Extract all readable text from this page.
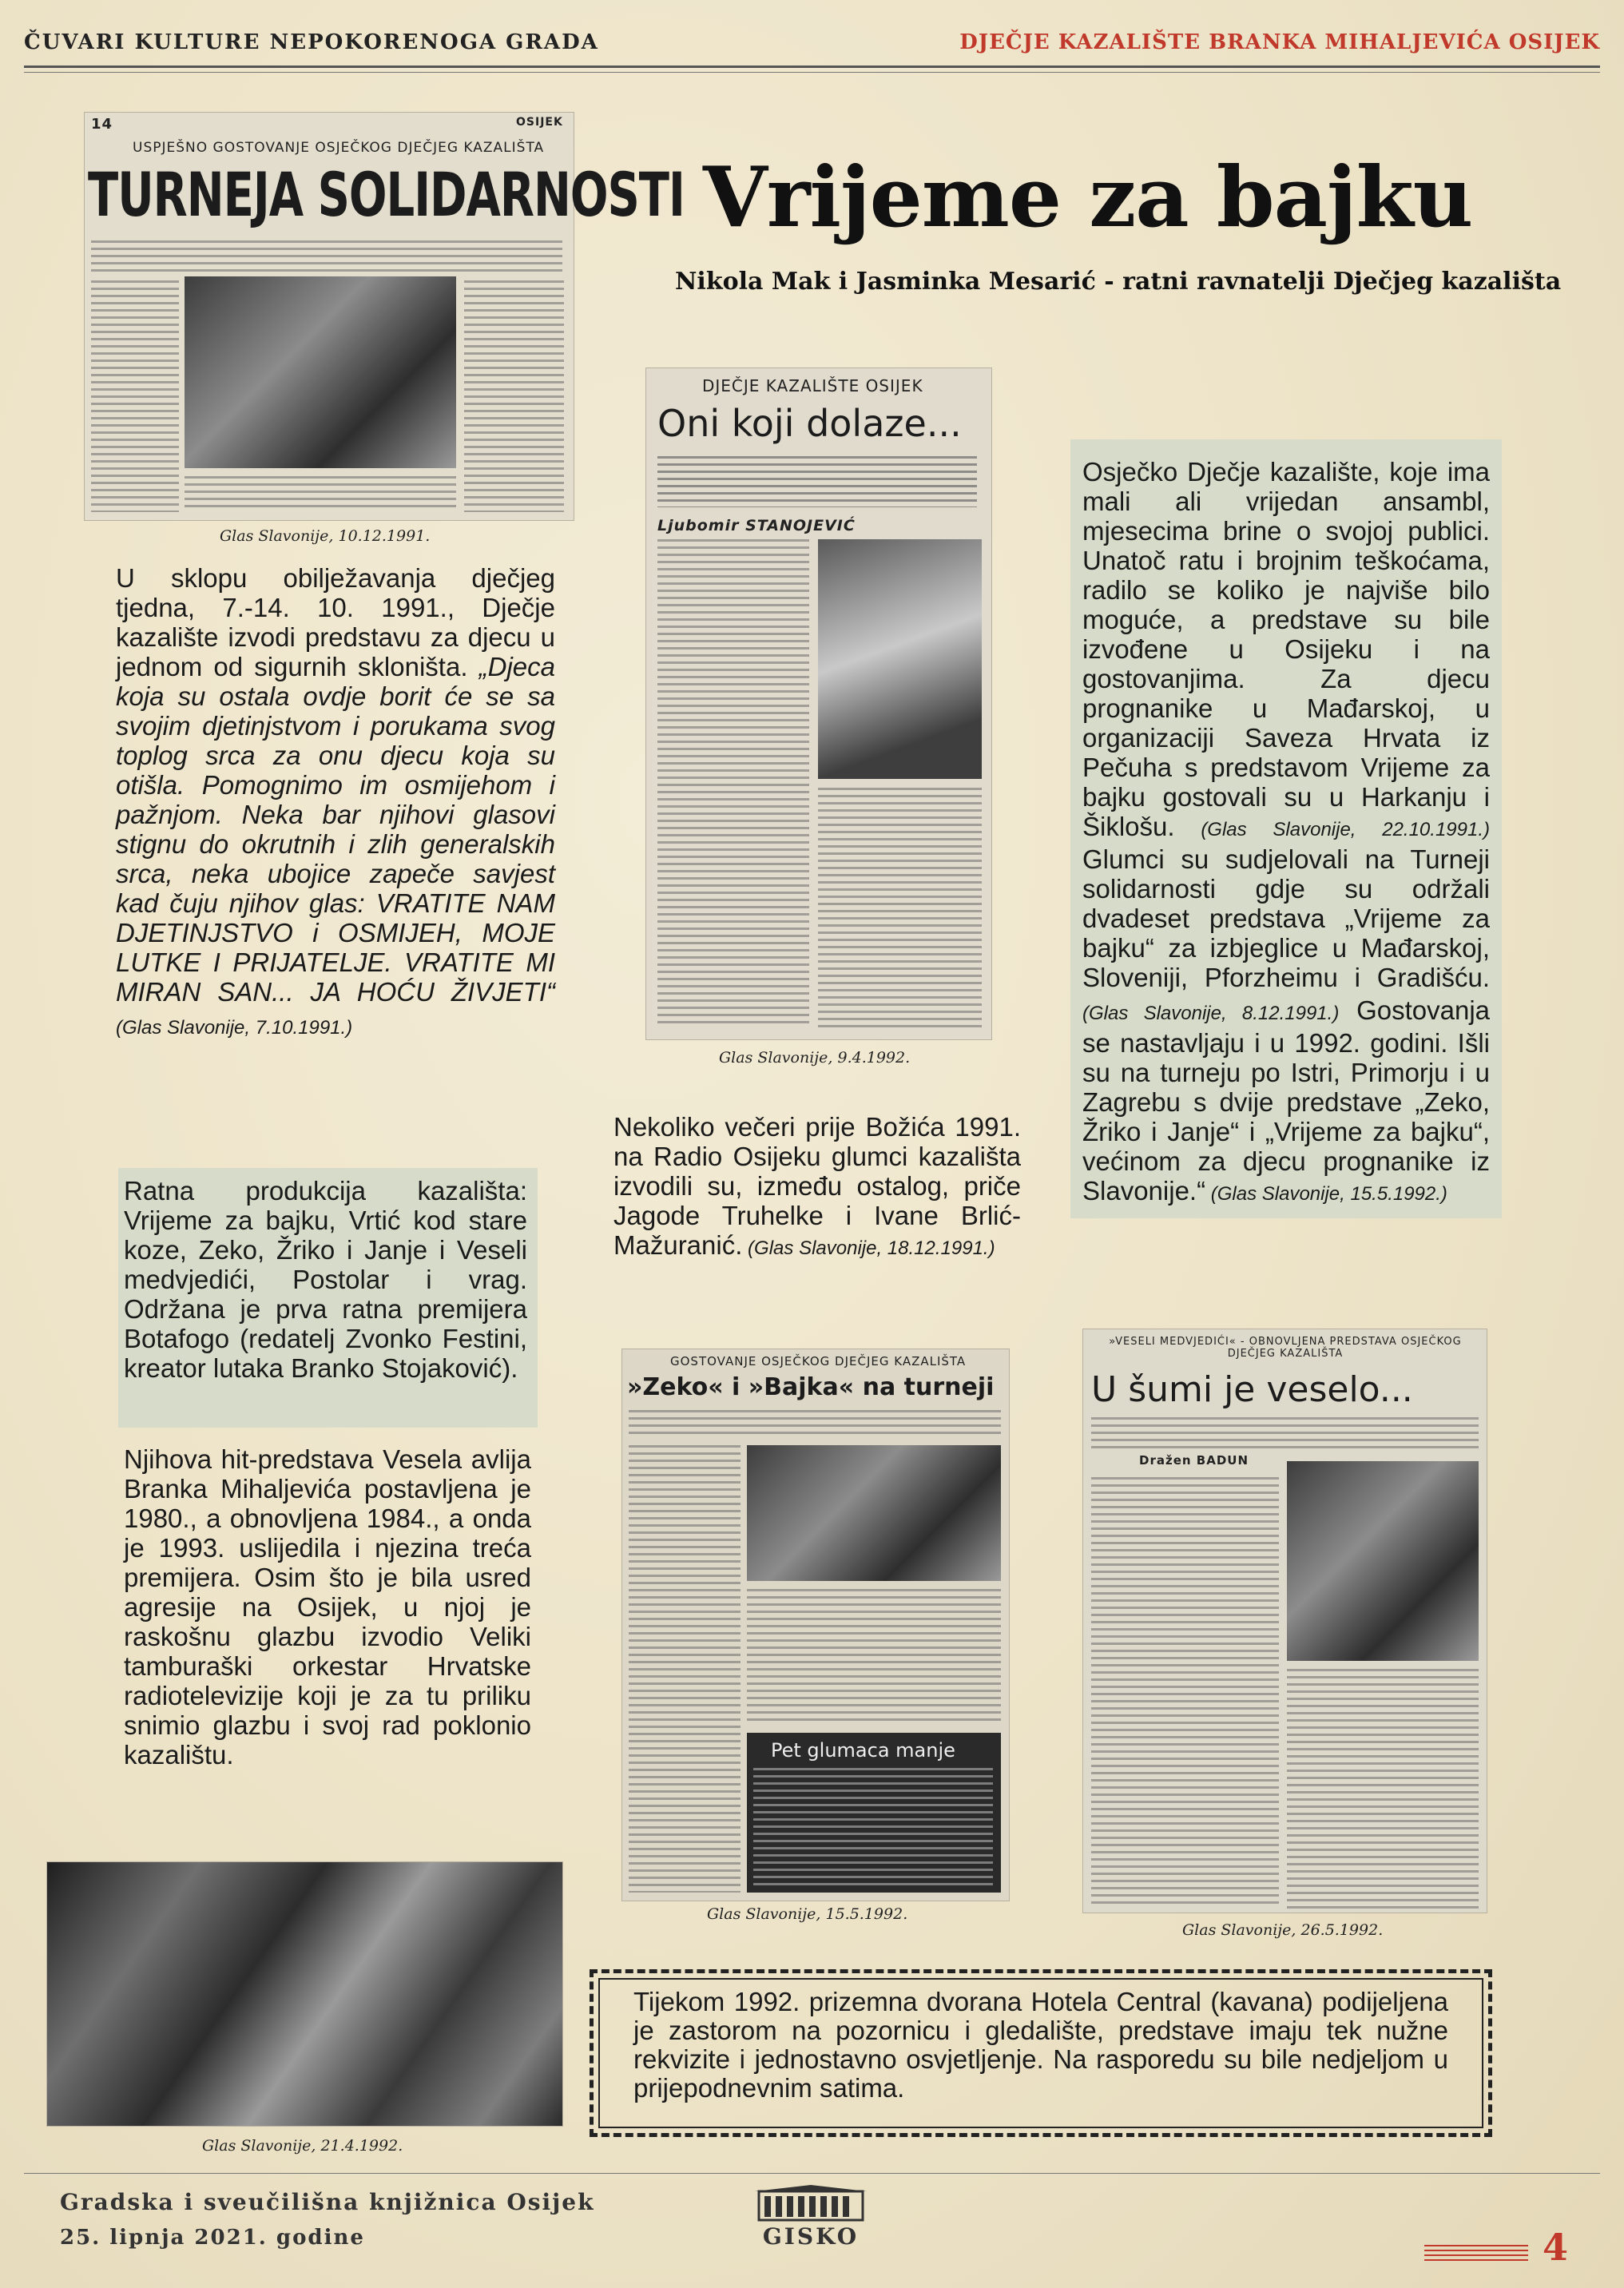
ČUVARI KULTURE NEPOKORENOGA GRADA	DJEČJE KAZALIŠTE BRANKA MIHALJEVIĆA OSIJEK
14	OSIJEK
USPJEŠNO GOSTOVANJE OSJEČKOG DJEČJEG KAZALIŠTA
TURNEJA SOLIDARNOSTI
Glas Slavonije, 10.12.1991.
Vrijeme za bajku
Nikola Mak i Jasminka Mesarić - ratni ravnatelji Dječjeg kazališta
U sklopu obilježavanja dječjeg tjedna, 7.-14. 10. 1991., Dječje kazalište izvodi predstavu za djecu u jednom od sigurnih skloništa. „Djeca koja su ostala ovdje borit će se sa svojim djetinjstvom i porukama svog toplog srca za onu djecu koja su otišla. Pomognimo im osmijehom i pažnjom. Neka bar njihovi glasovi stignu do okrutnih i zlih generalskih srca, neka ubojice zapeče savjest kad čuju njihov glas: VRATITE NAM DJETINJSTVO i OSMIJEH, MOJE LUTKE I PRIJATELJE. VRATITE MI MIRAN SAN... JA HOĆU ŽIVJETI“ (Glas Slavonije, 7.10.1991.)
Ratna produkcija kazališta: Vrijeme za bajku, Vrtić kod stare koze, Zeko, Žriko i Janje i Veseli medvjedići, Postolar i vrag. Održana je prva ratna premijera Botafogo (redatelj Zvonko Festini, kreator lutaka Branko Stojaković).
Njihova hit-predstava Vesela avlija Branka Mihaljevića postavljena je 1980., a obnovljena 1984., a onda je 1993. uslijedila i njezina treća premijera. Osim što je bila usred agresije na Osijek, u njoj je raskošnu glazbu izvodio Veliki tamburaški orkestar Hrvatske radiotelevizije koji je za tu priliku snimio glazbu i svoj rad poklonio kazalištu.
DJEČJE KAZALIŠTE OSIJEK
Oni koji dolaze...
Ljubomir STANOJEVIĆ
Glas Slavonije, 9.4.1992.
Nekoliko večeri prije Božića 1991. na Radio Osijeku glumci kazališta izvodili su, između ostalog, priče Jagode Truhelke i Ivane Brlić-Mažuranić. (Glas Slavonije, 18.12.1991.)
Osječko Dječje kazalište, koje ima mali ali vrijedan ansambl, mjesecima brine o svojoj publici. Unatoč ratu i brojnim teškoćama, radilo se koliko je najviše bilo moguće, a predstave su bile izvođene u Osijeku i na gostovanjima. Za djecu prognanike u Mađarskoj, u organizaciji Saveza Hrvata iz Pečuha s predstavom Vrijeme za bajku gostovali su u Harkanju i Šiklošu. (Glas Slavonije, 22.10.1991.) Glumci su sudjelovali na Turneji solidarnosti gdje su održali dvadeset predstava „Vrijeme za bajku“ za izbjeglice u Mađarskoj, Sloveniji, Pforzheimu i Gradišću. (Glas Slavonije, 8.12.1991.) Gostovanja se nastavljaju i u 1992. godini. Išli su na turneju po Istri, Primorju i u Zagrebu s dvije predstave „Zeko, Žriko i Janje“ i „Vrijeme za bajku“, većinom za djecu prognanike iz Slavonije.“ (Glas Slavonije, 15.5.1992.)
GOSTOVANJE OSJEČKOG DJEČJEG KAZALIŠTA
»Zeko« i »Bajka« na turneji
Pet glumaca manje
Glas Slavonije, 15.5.1992.
»VESELI MEDVJEDIĆI« - OBNOVLJENA PREDSTAVA OSJEČKOG DJEČJEG KAZALIŠTA
U šumi je veselo...
Dražen BADUN
Glas Slavonije, 26.5.1992.
Glas Slavonije, 21.4.1992.
Tijekom 1992. prizemna dvorana Hotela Central (kavana) podijeljena je zastorom na pozornicu i gledalište, predstave imaju tek nužne rekvizite i jednostavno osvjetljenje. Na rasporedu su bile nedjeljom u prijepodnevnim satima.
Gradska i sveučilišna knjižnica Osijek
25. lipnja 2021. godine	GISKO	4
